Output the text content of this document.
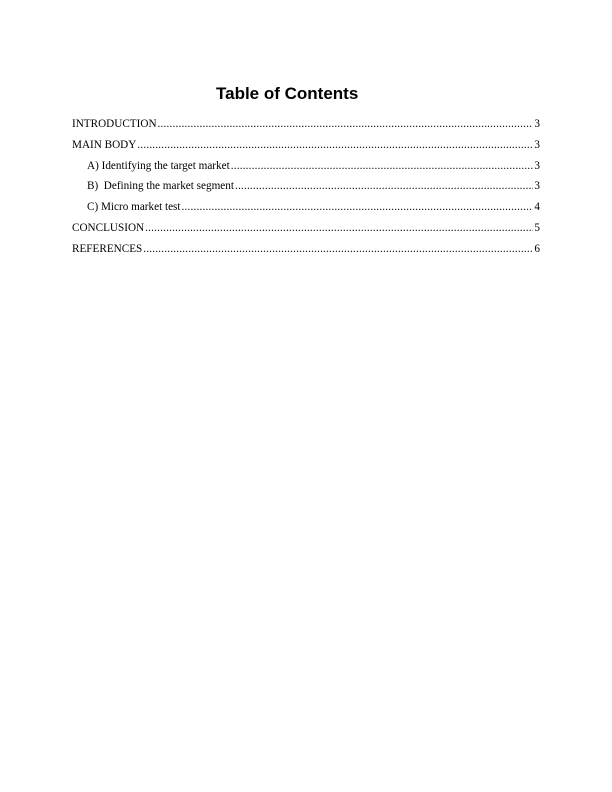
Table of Contents
INTRODUCTION .....	3
MAIN BODY .....	3
A) Identifying the target market .....	3
B)  Defining the market segment .....	3
C) Micro market test .....	4
CONCLUSION .....	5
REFERENCES .....	6
